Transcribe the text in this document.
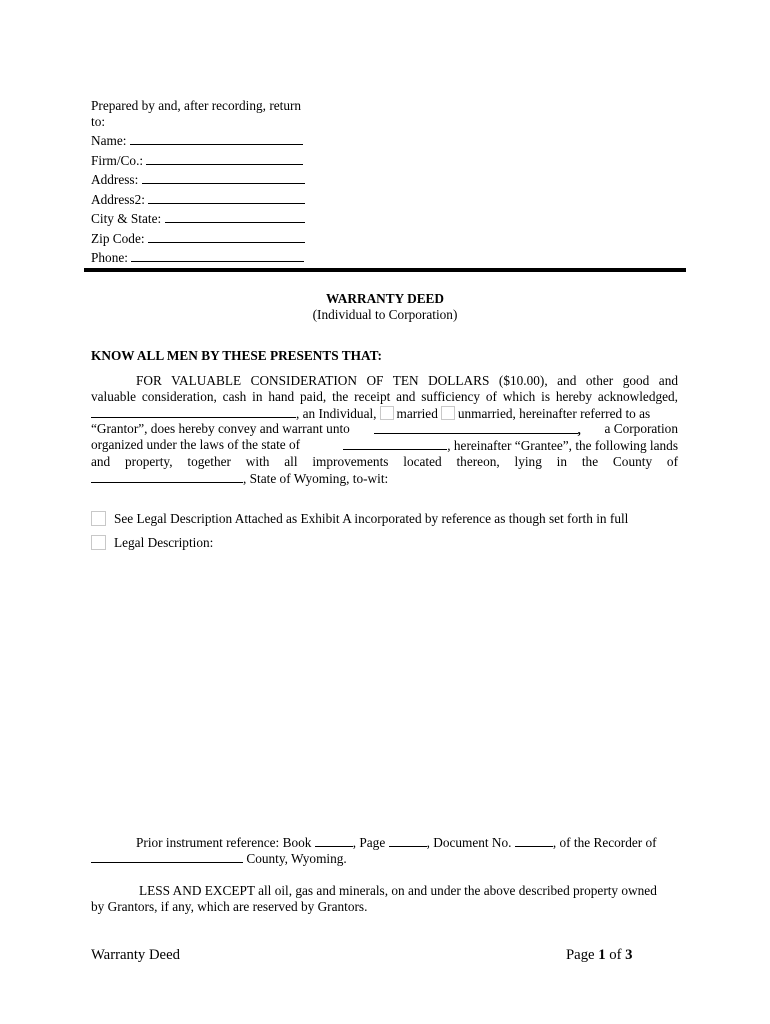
Prepared by and, after recording, return
to:
Name:
Firm/Co.:
Address:
Address2:
City & State:
Zip Code:
Phone:
WARRANTY DEED
(Individual to Corporation)
KNOW ALL MEN BY THESE PRESENTS THAT:
FOR VALUABLE CONSIDERATION OF TEN DOLLARS ($10.00), and other good and
valuable consideration, cash in hand paid, the receipt and sufficiency of which is hereby acknowledged,
, an Individual, married unmarried, hereinafter referred to as
“Grantor”, does hereby convey and warrant unto	, a Corporation
organized under the laws of the state of	, hereinafter “Grantee”, the following lands
and property, together with all improvements located thereon, lying in the County of
, State of Wyoming, to-wit:
See Legal Description Attached as Exhibit A incorporated by reference as though set forth in full
Legal Description:
Prior instrument reference: Book	, Page	, Document No.	, of the Recorder of
County, Wyoming.
LESS AND EXCEPT all oil, gas and minerals, on and under the above described property owned
by Grantors, if any, which are reserved by Grantors.
Warranty Deed	Page 1 of 3
